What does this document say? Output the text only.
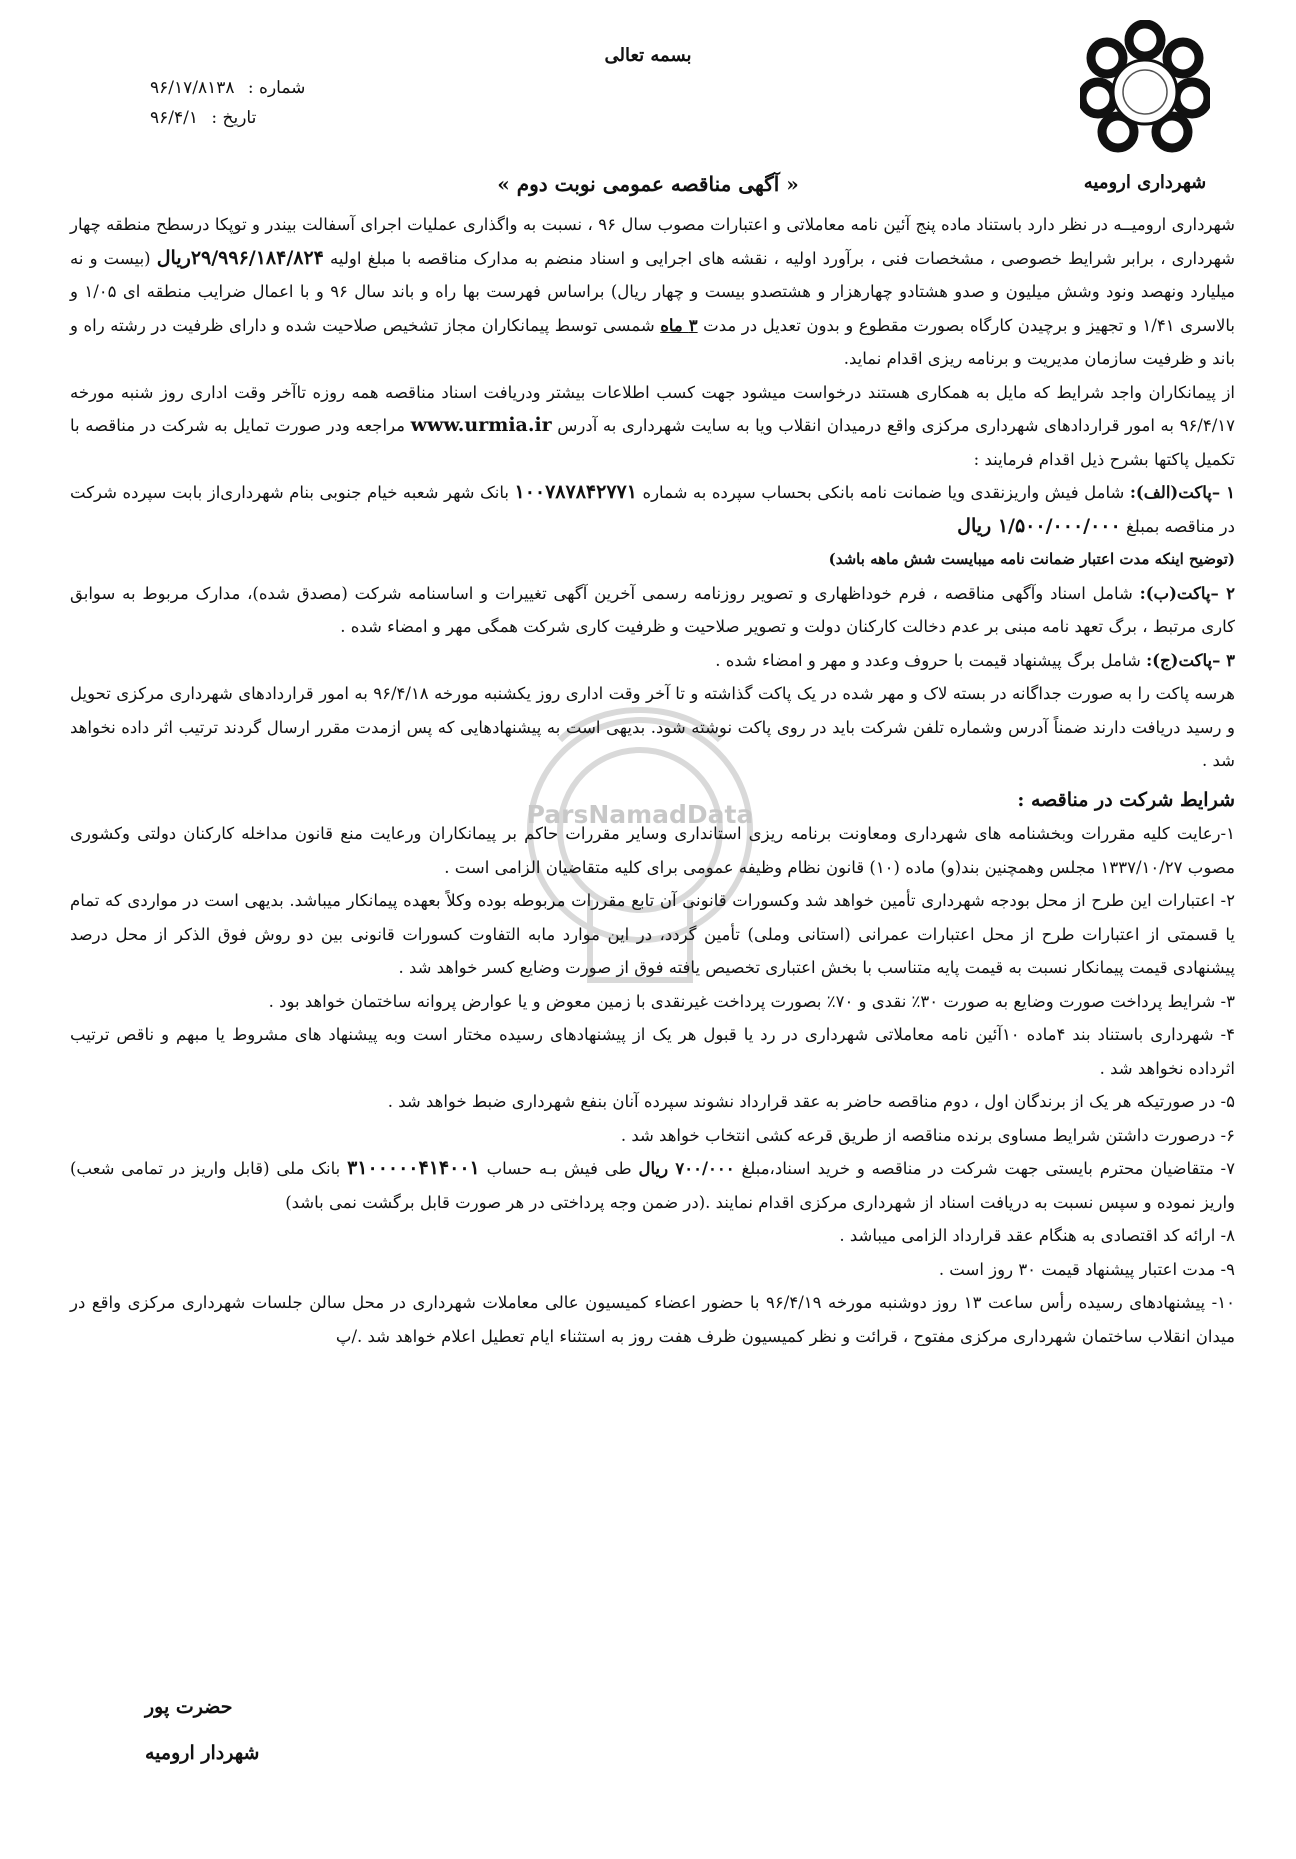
ParsNamadData
بسمه تعالی
شماره : ۹۶/۱۷/۸۱۳۸
تاریخ : ۹۶/۴/۱
شهرداری ارومیه
« آگهی مناقصه عمومی نوبت دوم »

شهرداری ارومیــه در نظر دارد باستناد ماده پنج آئین نامه معاملاتی و اعتبارات مصوب سال ۹۶ ، نسبت به واگذاری عملیات اجرای آسفالت بیندر و توپکا درسطح منطقه چهار شهرداری ، برابر شرایط خصوصی ، مشخصات فنی ، برآورد اولیه ، نقشه های اجرایی و اسناد منضم به مدارک مناقصه با مبلغ اولیه ۲۹/۹۹۶/۱۸۴/۸۲۴ریال (بیست و نه میلیارد ونهصد ونود وشش میلیون و صدو هشتادو چهارهزار و هشتصدو بیست و چهار ریال) براساس فهرست بها راه و باند سال ۹۶ و با اعمال ضرایب منطقه ای ۱/۰۵ و بالاسری ۱/۴۱ و تجهیز و برچیدن کارگاه بصورت مقطوع و بدون تعدیل در مدت ۳ ماه شمسی توسط پیمانکاران مجاز تشخیص صلاحیت شده و دارای ظرفیت در رشته راه و باند و ظرفیت سازمان مدیریت و برنامه ریزی اقدام نماید.

از پیمانکاران واجد شرایط که مایل به همکاری هستند درخواست میشود جهت کسب اطلاعات بیشتر ودریافت اسناد مناقصه همه روزه تاآخر وقت اداری روز شنبه مورخه ۹۶/۴/۱۷ به امور قراردادهای شهرداری مرکزی واقع درمیدان انقلاب ویا به سایت شهرداری به آدرس www.urmia.ir مراجعه ودر صورت تمایل به شرکت در مناقصه با تکمیل پاکتها بشرح ذیل اقدام فرمایند :

۱ –پاکت(الف): شامل فیش واریزنقدی ویا ضمانت نامه بانکی بحساب سپرده به شماره ۱۰۰۷۸۷۸۴۲۷۷۱ بانک شهر شعبه خیام جنوبی بنام شهرداری‌از بابت سپرده شرکت در مناقصه بمبلغ ۱/۵۰۰/۰۰۰/۰۰۰ ریال

(توضیح اینکه مدت اعتبار ضمانت نامه میبایست شش ماهه باشد)

۲ –پاکت(ب): شامل اسناد وآگهی مناقصه ، فرم خوداظهاری و تصویر روزنامه رسمی آخرین آگهی تغییرات و اساسنامه شرکت (مصدق شده)، مدارک مربوط به سوابق کاری مرتبط ، برگ تعهد نامه مبنی بر عدم دخالت کارکنان دولت و تصویر صلاحیت و ظرفیت کاری شرکت همگی مهر و امضاء شده .

۳ –پاکت(ج): شامل برگ پیشنهاد قیمت با حروف وعدد و مهر و امضاء شده .

هرسه پاکت را به صورت جداگانه در بسته لاک و مهر شده در یک پاکت گذاشته و تا آخر وقت اداری روز یکشنبه مورخه ۹۶/۴/۱۸ به امور قراردادهای شهرداری مرکزی تحویل و رسید دریافت دارند ضمناً آدرس وشماره تلفن شرکت باید در روی پاکت نوشته شود. بدیهی است به پیشنهادهایی که پس ازمدت مقرر ارسال گردند ترتیب اثر داده نخواهد شد .

شرایط شرکت در مناقصه :

۱-رعایت کلیه مقررات وبخشنامه های شهرداری ومعاونت برنامه ریزی استانداری وسایر مقررات حاکم بر پیمانکاران ورعایت منع قانون مداخله کارکنان دولتی وکشوری مصوب ۱۳۳۷/۱۰/۲۷ مجلس وهمچنین بند(و) ماده (۱۰) قانون نظام وظیفه عمومی برای کلیه متقاضیان الزامی است .

۲- اعتبارات این طرح از محل بودجه شهرداری تأمین خواهد شد وکسورات قانونی آن تابع مقررات مربوطه بوده وکلاً بعهده پیمانکار میباشد. بدیهی است در مواردی که تمام یا قسمتی از اعتبارات طرح از محل اعتبارات عمرانی (استانی وملی) تأمین گردد، در این موارد مابه التفاوت کسورات قانونی بین دو روش فوق الذکر از محل درصد پیشنهادی قیمت پیمانکار نسبت به قیمت پایه متناسب با بخش اعتباری تخصیص یافته فوق از صورت وضایع کسر خواهد شد .

۳- شرایط پرداخت صورت وضایع به صورت ۳۰٪ نقدی و ۷۰٪ بصورت پرداخت غیرنقدی با زمین معوض و یا عوارض پروانه ساختمان خواهد بود .

۴- شهرداری باستناد بند ۴ماده ۱۰آئین نامه معاملاتی شهرداری در رد یا قبول هر یک از پیشنهادهای رسیده مختار است وبه پیشنهاد های مشروط یا مبهم و ناقص ترتیب اثرداده نخواهد شد .

۵- در صورتیکه هر یک از برندگان اول ، دوم مناقصه حاضر به عقد قرارداد نشوند سپرده آنان بنفع شهرداری ضبط خواهد شد .

۶- درصورت داشتن شرایط مساوی برنده مناقصه از طریق قرعه کشی انتخاب خواهد شد .

۷- متقاضیان محترم بایستی جهت شرکت در مناقصه و خرید اسناد،مبلغ ۷۰۰/۰۰۰ ریال طی فیش بـه حساب ۳۱۰۰۰۰۰۴۱۴۰۰۱ بانک ملی (قابل واریز در تمامی شعب) واریز نموده و سپس نسبت به دریافت اسناد از شهرداری مرکزی اقدام نمایند .(در ضمن وجه پرداختی در هر صورت قابل برگشت نمی باشد)

۸- ارائه کد اقتصادی به هنگام عقد قرارداد الزامی میباشد .

۹- مدت اعتبار پیشنهاد قیمت ۳۰ روز است .

۱۰- پیشنهادهای رسیده رأس ساعت ۱۳ روز دوشنبه مورخه ۹۶/۴/۱۹ با حضور اعضاء کمیسیون عالی معاملات شهرداری در محل سالن جلسات شهرداری مرکزی واقع در میدان انقلاب ساختمان شهرداری مرکزی مفتوح ، قرائت و نظر کمیسیون ظرف هفت روز به استثناء ایام تعطیل اعلام خواهد شد ./پ

حضرت پور
شهردار ارومیه
